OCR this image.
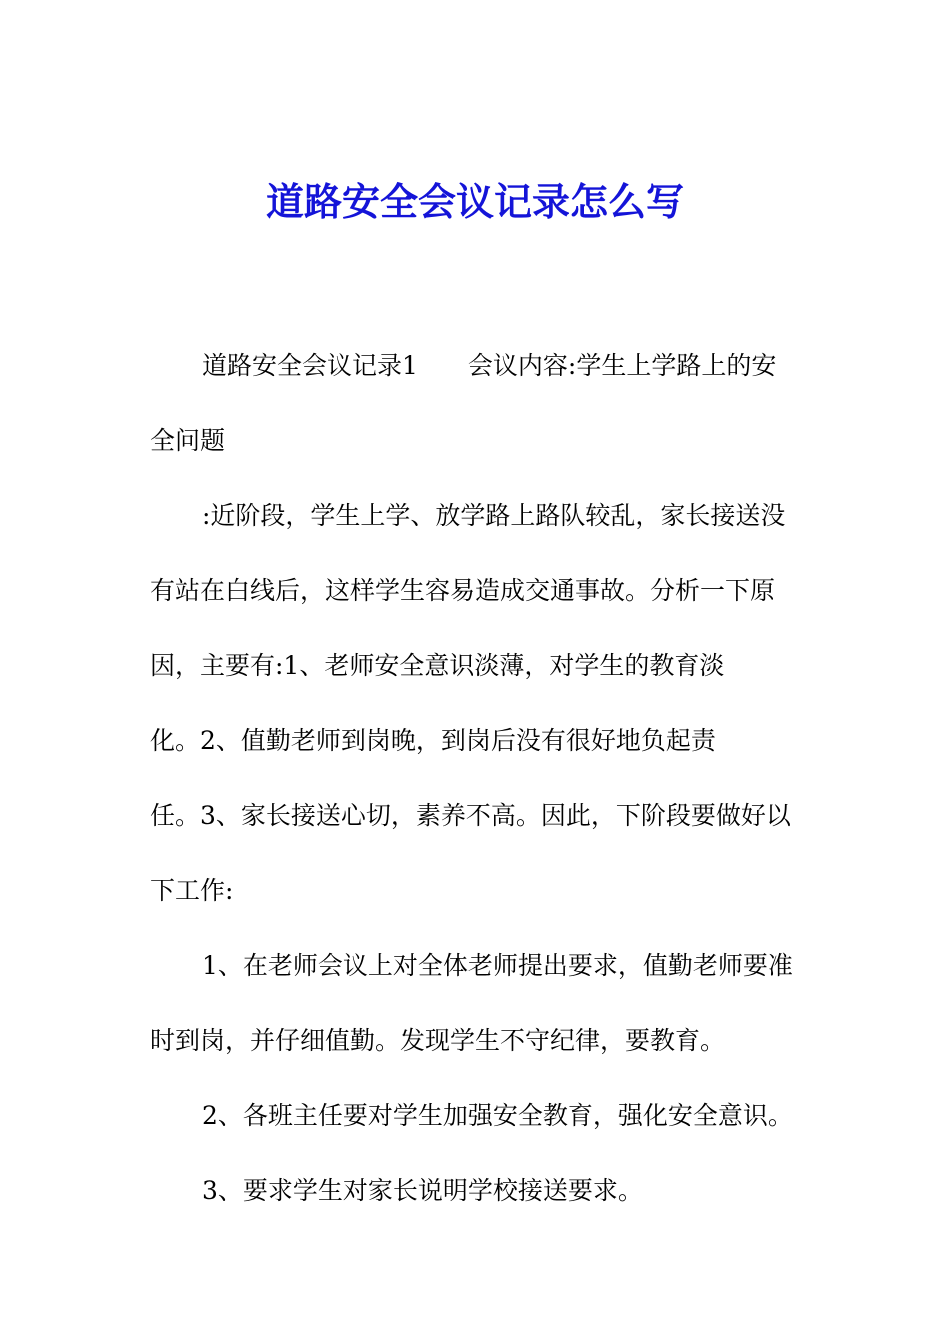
道路安全会议记录怎么写

道路安全会议记录1 会议内容:学生上学路上的安
全问题

:近阶段，学生上学、放学路上路队较乱，家长接送没
有站在白线后，这样学生容易造成交通事故。分析一下原
因，主要有:1、老师安全意识淡薄，对学生的教育淡
化。2、值勤老师到岗晚，到岗后没有很好地负起责
任。3、家长接送心切，素养不高。因此，下阶段要做好以
下工作:

1、在老师会议上对全体老师提出要求，值勤老师要准
时到岗，并仔细值勤。发现学生不守纪律，要教育。

2、各班主任要对学生加强安全教育，强化安全意识。

3、要求学生对家长说明学校接送要求。
